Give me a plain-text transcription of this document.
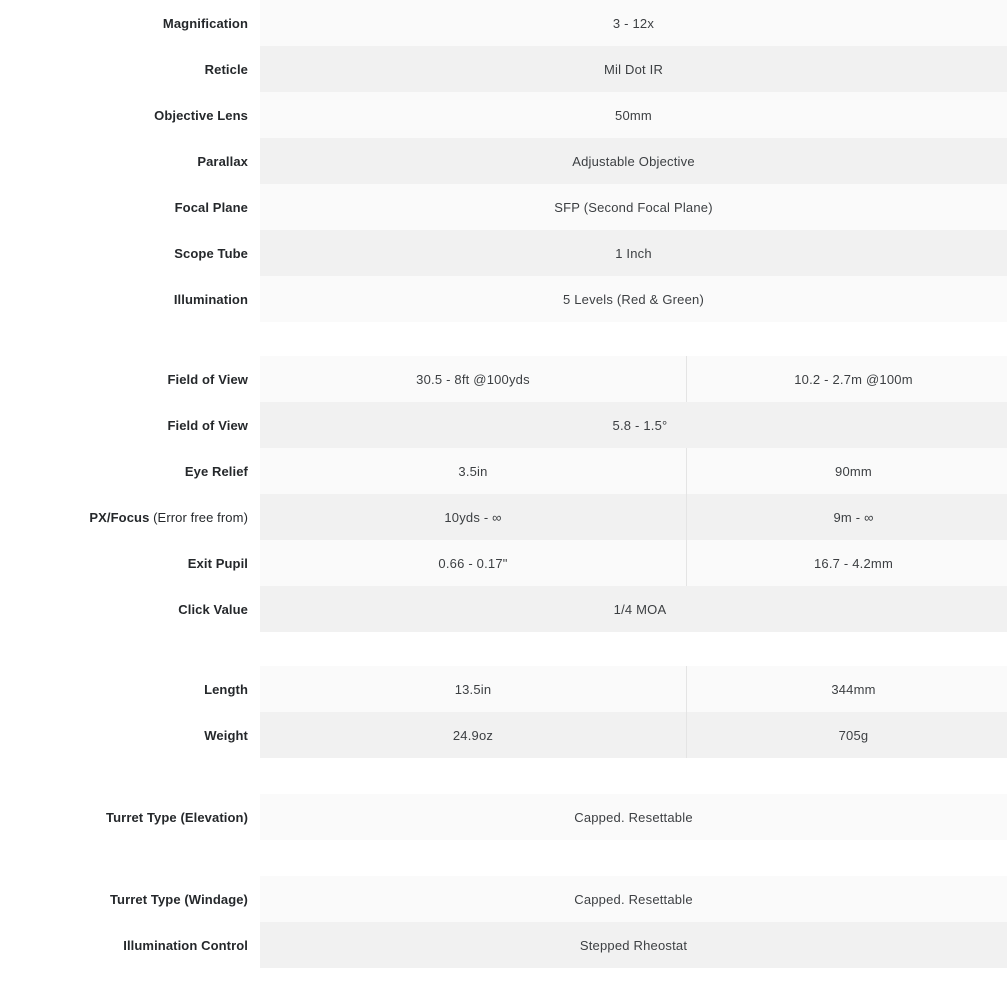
Magnification	3 - 12x
Reticle	Mil Dot IR
Objective Lens	50mm
Parallax	Adjustable Objective
Focal Plane	SFP (Second Focal Plane)
Scope Tube	1 Inch
Illumination	5 Levels (Red & Green)
Field of View	30.5 - 8ft @100yds	10.2 - 2.7m @100m
Field of View	5.8 - 1.5°	
Eye Relief	3.5in	90mm
PX/Focus (Error free from)	10yds - ∞	9m - ∞
Exit Pupil	0.66 - 0.17"	16.7 - 4.2mm
Click Value	1/4 MOA	
Length	13.5in	344mm
Weight	24.9oz	705g
Turret Type (Elevation)	Capped. Resettable
Turret Type (Windage)	Capped. Resettable
Illumination Control	Stepped Rheostat
